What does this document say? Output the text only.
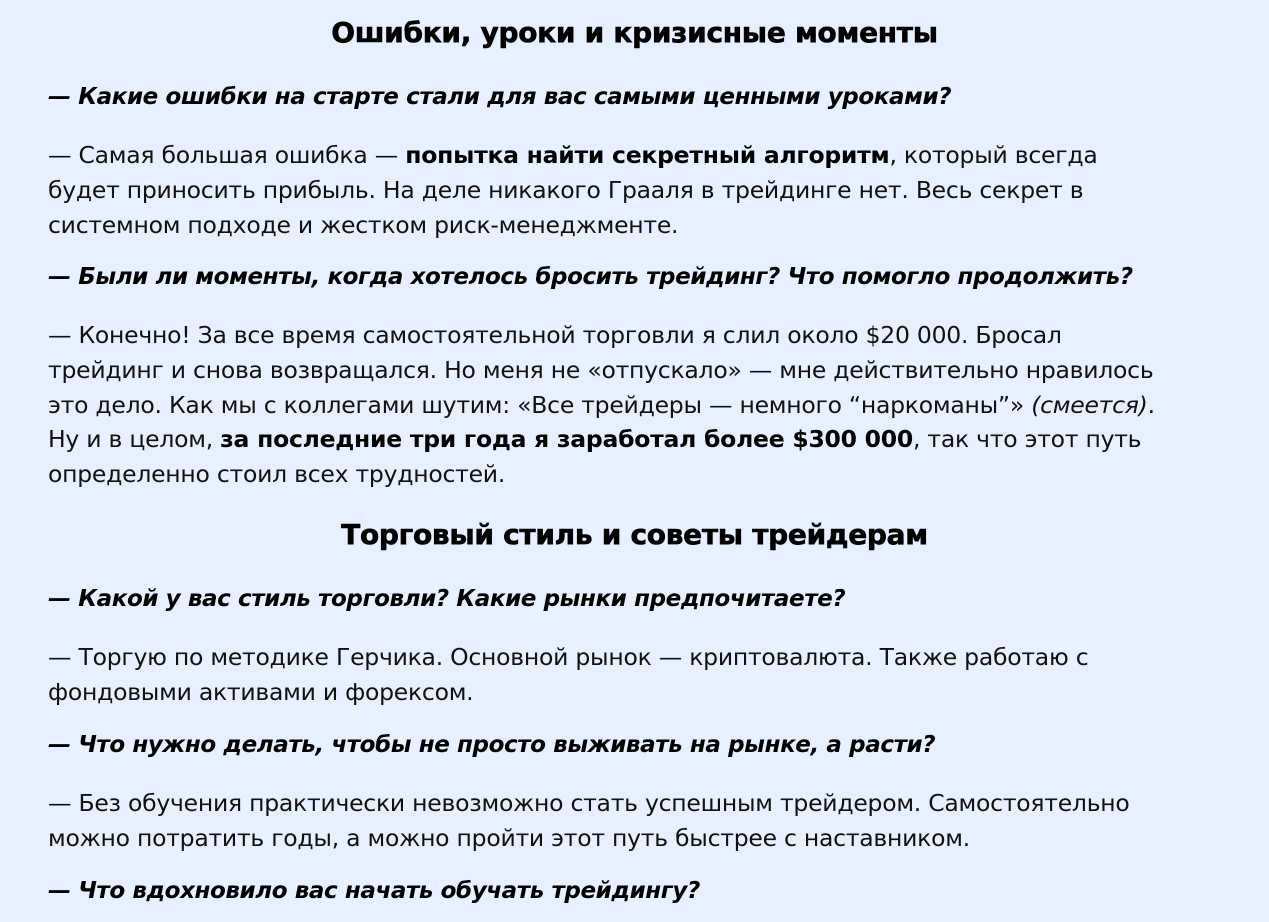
Ошибки, уроки и кризисные моменты

— Какие ошибки на старте стали для вас самыми ценными уроками?

— Самая большая ошибка — попытка найти секретный алгоритм, который всегда
будет приносить прибыль. На деле никакого Грааля в трейдинге нет. Весь секрет в
системном подходе и жестком риск-менеджменте.

— Были ли моменты, когда хотелось бросить трейдинг? Что помогло продолжить?

— Конечно! За все время самостоятельной торговли я слил около $20 000. Бросал
трейдинг и снова возвращался. Но меня не «отпускало» — мне действительно нравилось
это дело. Как мы с коллегами шутим: «Все трейдеры — немного “наркоманы”» (смеется).
Ну и в целом, за последние три года я заработал более $300 000, так что этот путь
определенно стоил всех трудностей.
Торговый стиль и советы трейдерам

— Какой у вас стиль торговли? Какие рынки предпочитаете?

— Торгую по методике Герчика. Основной рынок — криптовалюта. Также работаю с
фондовыми активами и форексом.

— Что нужно делать, чтобы не просто выживать на рынке, а расти?

— Без обучения практически невозможно стать успешным трейдером. Самостоятельно
можно потратить годы, а можно пройти этот путь быстрее с наставником.

— Что вдохновило вас начать обучать трейдингу?
